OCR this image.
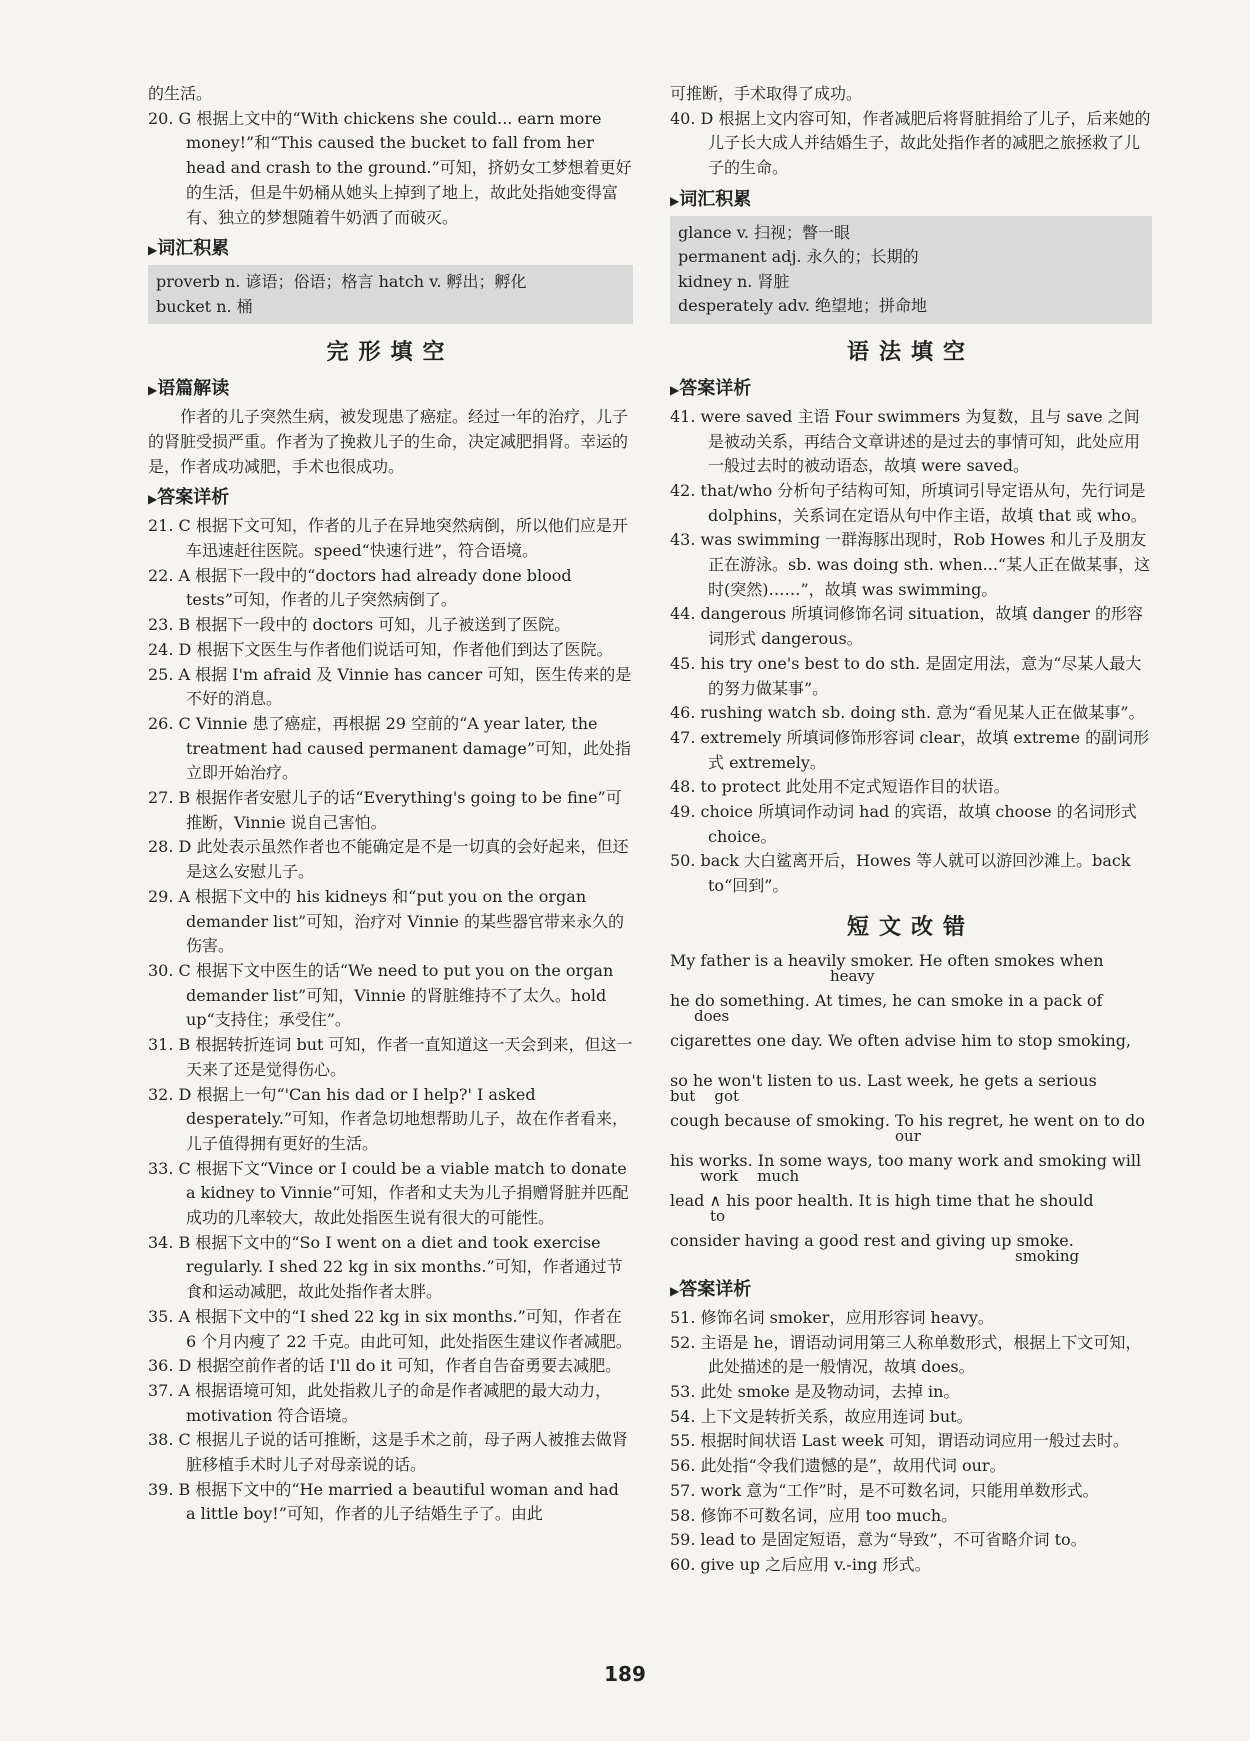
的生活。
20. G 根据上文中的“With chickens she could... earn more money!”和“This caused the bucket to fall from her head and crash to the ground.”可知，挤奶女工梦想着更好的生活，但是牛奶桶从她头上掉到了地上，故此处指她变得富有、独立的梦想随着牛奶洒了而破灭。
▶ 词汇积累
proverb n. 谚语；俗语；格言 hatch v. 孵出；孵化
bucket n. 桶
完形填空
▶ 语篇解读
作者的儿子突然生病，被发现患了癌症。经过一年的治疗，儿子的肾脏受损严重。作者为了挽救儿子的生命，决定减肥捐肾。幸运的是，作者成功减肥，手术也很成功。
▶ 答案详析
21. C 根据下文可知，作者的儿子在异地突然病倒，所以他们应是开车迅速赶往医院。speed“快速行进”，符合语境。
22. A 根据下一段中的“doctors had already done blood tests”可知，作者的儿子突然病倒了。
23. B 根据下一段中的 doctors 可知，儿子被送到了医院。
24. D 根据下文医生与作者他们说话可知，作者他们到达了医院。
25. A 根据 I'm afraid 及 Vinnie has cancer 可知，医生传来的是不好的消息。
26. C Vinnie 患了癌症，再根据 29 空前的“A year later, the treatment had caused permanent damage”可知，此处指立即开始治疗。
27. B 根据作者安慰儿子的话“Everything's going to be fine”可推断，Vinnie 说自己害怕。
28. D 此处表示虽然作者也不能确定是不是一切真的会好起来，但还是这么安慰儿子。
29. A 根据下文中的 his kidneys 和“put you on the organ demander list”可知，治疗对 Vinnie 的某些器官带来永久的伤害。
30. C 根据下文中医生的话“We need to put you on the organ demander list”可知，Vinnie 的肾脏维持不了太久。hold up“支持住；承受住”。
31. B 根据转折连词 but 可知，作者一直知道这一天会到来，但这一天来了还是觉得伤心。
32. D 根据上一句“'Can his dad or I help?' I asked desperately.”可知，作者急切地想帮助儿子，故在作者看来，儿子值得拥有更好的生活。
33. C 根据下文“Vince or I could be a viable match to donate a kidney to Vinnie”可知，作者和丈夫为儿子捐赠肾脏并匹配成功的几率较大，故此处指医生说有很大的可能性。
34. B 根据下文中的“So I went on a diet and took exercise regularly. I shed 22 kg in six months.”可知，作者通过节食和运动减肥，故此处指作者太胖。
35. A 根据下文中的“I shed 22 kg in six months.”可知，作者在 6 个月内瘦了 22 千克。由此可知，此处指医生建议作者减肥。
36. D 根据空前作者的话 I'll do it 可知，作者自告奋勇要去减肥。
37. A 根据语境可知，此处指救儿子的命是作者减肥的最大动力，motivation 符合语境。
38. C 根据儿子说的话可推断，这是手术之前，母子两人被推去做肾脏移植手术时儿子对母亲说的话。
39. B 根据下文中的“He married a beautiful woman and had a little boy!”可知，作者的儿子结婚生子了。由此
可推断，手术取得了成功。
40. D 根据上文内容可知，作者减肥后将肾脏捐给了儿子，后来她的儿子长大成人并结婚生子，故此处指作者的减肥之旅拯救了儿子的生命。
▶ 词汇积累
glance v. 扫视；瞥一眼
permanent adj. 永久的；长期的
kidney n. 肾脏
desperately adv. 绝望地；拼命地
语法填空
▶ 答案详析
41. were saved 主语 Four swimmers 为复数，且与 save 之间是被动关系，再结合文章讲述的是过去的事情可知，此处应用一般过去时的被动语态，故填 were saved。
42. that/who 分析句子结构可知，所填词引导定语从句，先行词是 dolphins，关系词在定语从句中作主语，故填 that 或 who。
43. was swimming 一群海豚出现时，Rob Howes 和儿子及朋友正在游泳。sb. was doing sth. when...“某人正在做某事，这时(突然)……”，故填 was swimming。
44. dangerous 所填词修饰名词 situation，故填 danger 的形容词形式 dangerous。
45. his try one's best to do sth. 是固定用法，意为“尽某人最大的努力做某事”。
46. rushing watch sb. doing sth. 意为“看见某人正在做某事”。
47. extremely 所填词修饰形容词 clear，故填 extreme 的副词形式 extremely。
48. to protect 此处用不定式短语作目的状语。
49. choice 所填词作动词 had 的宾语，故填 choose 的名词形式 choice。
50. back 大白鲨离开后，Howes 等人就可以游回沙滩上。back to“回到”。
短文改错
My father is a heavily smoker. He often smokes when
heavy
he do something. At times, he can smoke in a pack of
does
cigarettes one day. We often advise him to stop smoking,
so he won't listen to us. Last week, he gets a serious
but    got
cough because of smoking. To his regret, he went on to do
our
his works. In some ways, too many work and smoking will
work    much
lead ∧ his poor health. It is high time that he should
to
consider having a good rest and giving up smoke.
smoking
▶ 答案详析
51. 修饰名词 smoker，应用形容词 heavy。
52. 主语是 he，谓语动词用第三人称单数形式，根据上下文可知，此处描述的是一般情况，故填 does。
53. 此处 smoke 是及物动词，去掉 in。
54. 上下文是转折关系，故应用连词 but。
55. 根据时间状语 Last week 可知，谓语动词应用一般过去时。
56. 此处指“令我们遗憾的是”，故用代词 our。
57. work 意为“工作”时，是不可数名词，只能用单数形式。
58. 修饰不可数名词，应用 too much。
59. lead to 是固定短语，意为“导致”，不可省略介词 to。
60. give up 之后应用 v.-ing 形式。
189
